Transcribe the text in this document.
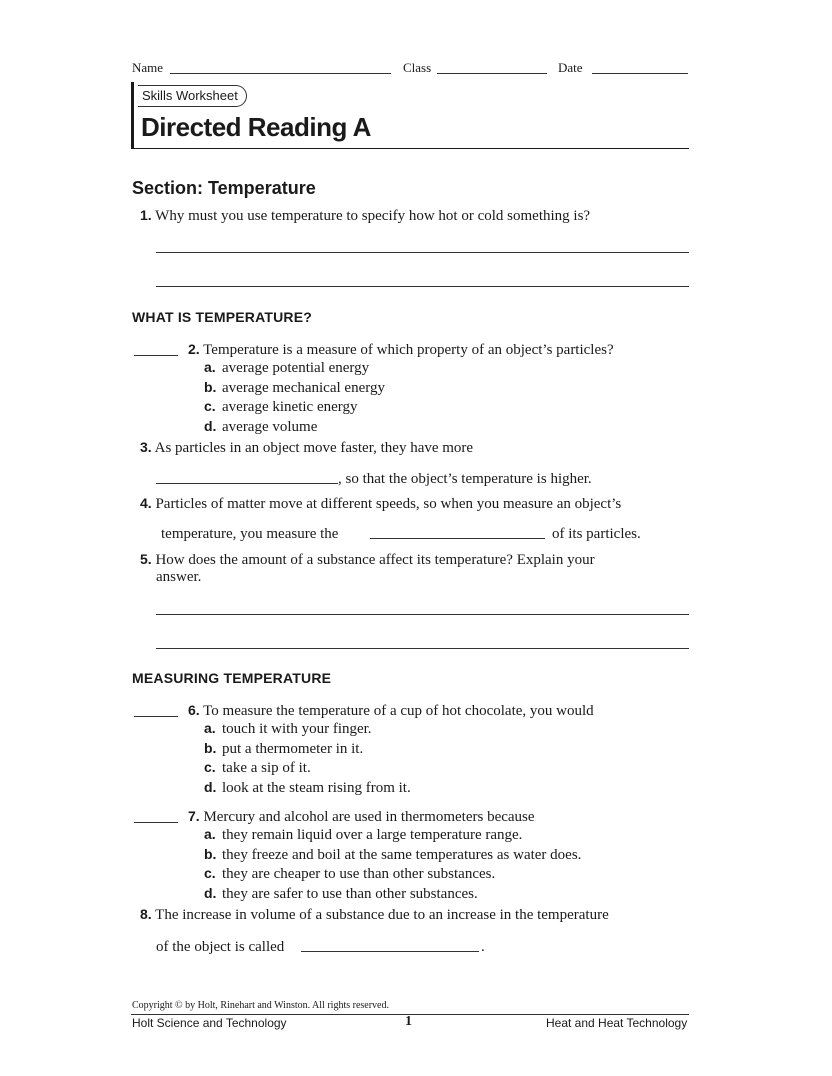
Name	Class	Date
Skills Worksheet
Directed Reading A
Section: Temperature
1. Why must you use temperature to specify how hot or cold something is?
WHAT IS TEMPERATURE?
2. Temperature is a measure of which property of an object’s particles?
a. average potential energy
b. average mechanical energy
c. average kinetic energy
d. average volume
3. As particles in an object move faster, they have more
, so that the object’s temperature is higher.
4. Particles of matter move at different speeds, so when you measure an object’s
temperature, you measure the	of its particles.
5. How does the amount of a substance affect its temperature? Explain your
answer.
MEASURING TEMPERATURE
6. To measure the temperature of a cup of hot chocolate, you would
a. touch it with your finger.
b. put a thermometer in it.
c. take a sip of it.
d. look at the steam rising from it.
7. Mercury and alcohol are used in thermometers because
a. they remain liquid over a large temperature range.
b. they freeze and boil at the same temperatures as water does.
c. they are cheaper to use than other substances.
d. they are safer to use than other substances.
8. The increase in volume of a substance due to an increase in the temperature
of the object is called	.
Copyright © by Holt, Rinehart and Winston. All rights reserved.
Holt Science and Technology	1	Heat and Heat Technology
